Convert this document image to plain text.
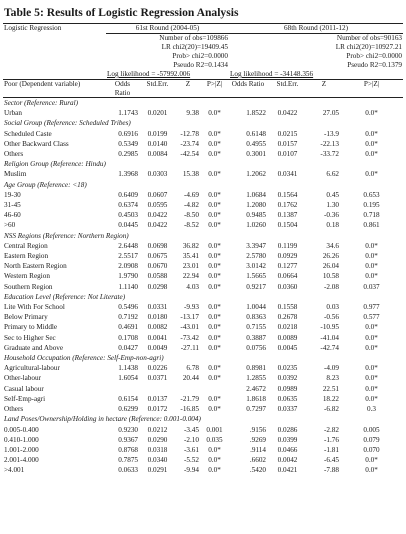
Table 5: Results of Logistic Regression Analysis
Logistic Regression	61st Round (2004-05)				68th Round (2011-12)			
	Number of obs=109866				Number of obs=90163			
	LR chi2(20)=19409.45				LR chi2(20)=10927.21			
	Prob> chi2=0.0000				Prob> chi2=0.0000			
	Pseudo R2=0.1434				Pseudo R2=0.1379			
	Log likelihood = -57992.006				Log likelihood = -34148.356			
Poor (Dependent variable)	Odds Ratio	Std.Err.	Z	P>|Z|	Odds Ratio	Std.Err.	Z	P>|Z|
Sector (Reference: Rural)								
Urban	1.1743	0.0201	9.38	0.0*	1.8522	0.0422	27.05	0.0*
Social Group (Reference: Scheduled Tribes)								
Scheduled Caste	0.6916	0.0199	-12.78	0.0*	0.6148	0.0215	-13.9	0.0*
Other Backward Class	0.5349	0.0140	-23.74	0.0*	0.4955	0.0157	-22.13	0.0*
Others	0.2985	0.0084	-42.54	0.0*	0.3001	0.0107	-33.72	0.0*
Religion Group (Reference: Hindu)								
Muslim	1.3968	0.0303	15.38	0.0*	1.2062	0.0341	6.62	0.0*
Age Group (Reference: <18)								
19-30	0.6409	0.0607	-4.69	0.0*	1.0684	0.1564	0.45	0.653
31-45	0.6374	0.0595	-4.82	0.0*	1.2080	0.1762	1.30	0.195
46-60	0.4503	0.0422	-8.50	0.0*	0.9485	0.1387	-0.36	0.718
>60	0.0445	0.0422	-8.52	0.0*	1.0260	0.1504	0.18	0.861
NSS Regions (Reference: Northern Region)								
Central Region	2.6448	0.0698	36.82	0.0*	3.3947	0.1199	34.6	0.0*
Eastern Region	2.5517	0.0675	35.41	0.0*	2.5780	0.0929	26.26	0.0*
North Eastern Region	2.0908	0.0670	23.01	0.0*	3.0142	0.1277	26.04	0.0*
Western Region	1.9790	0.0588	22.94	0.0*	1.5665	0.0664	10.58	0.0*
Southern Region	1.1140	0.0298	4.03	0.0*	0.9217	0.0360	-2.08	0.037
Education Level (Reference: Not Literate)								
Lite With For School	0.5496	0.0331	-9.93	0.0*	1.0044	0.1558	0.03	0.977
Below Primary	0.7192	0.0180	-13.17	0.0*	0.8363	0.2678	-0.56	0.577
Primary to Middle	0.4691	0.0082	-43.01	0.0*	0.7155	0.0218	-10.95	0.0*
Sec to Higher Sec	0.1708	0.0041	-73.42	0.0*	0.3887	0.0089	-41.04	0.0*
Graduate and Above	0.0427	0.0049	-27.11	0.0*	0.0756	0.0045	-42.74	0.0*
Household Occupation (Reference: Self-Emp-non-agri)								
Agricultural-labour	1.1438	0.0226	6.78	0.0*	0.8981	0.0235	-4.09	0.0*
Other-labour	1.6054	0.0371	20.44	0.0*	1.2855	0.0392	8.23	0.0*
Casual labour					2.4672	0.0989	22.51	0.0*
Self-Emp-agri	0.6154	0.0137	-21.79	0.0*	1.8618	0.0635	18.22	0.0*
Others	0.6299	0.0172	-16.85	0.0*	0.7297	0.0337	-6.82	0.3
Land Poses/Ownership/Holding in hectare (Reference: 0.001-0.004)								
0.005-0.400	0.9230	0.0212	-3.45	0.001	.9156	0.0286	-2.82	0.005
0.410-1.000	0.9367	0.0290	-2.10	0.035	.9269	0.0399	-1.76	0.079
1.001-2.000	0.8768	0.0318	-3.61	0.0*	.9114	0.0466	-1.81	0.070
2.001-4.000	0.7875	0.0340	-5.52	0.0*	.6602	0.0042	-6.45	0.0*
>4.001	0.0633	0.0291	-9.94	0.0*	.5420	0.0421	-7.88	0.0*
